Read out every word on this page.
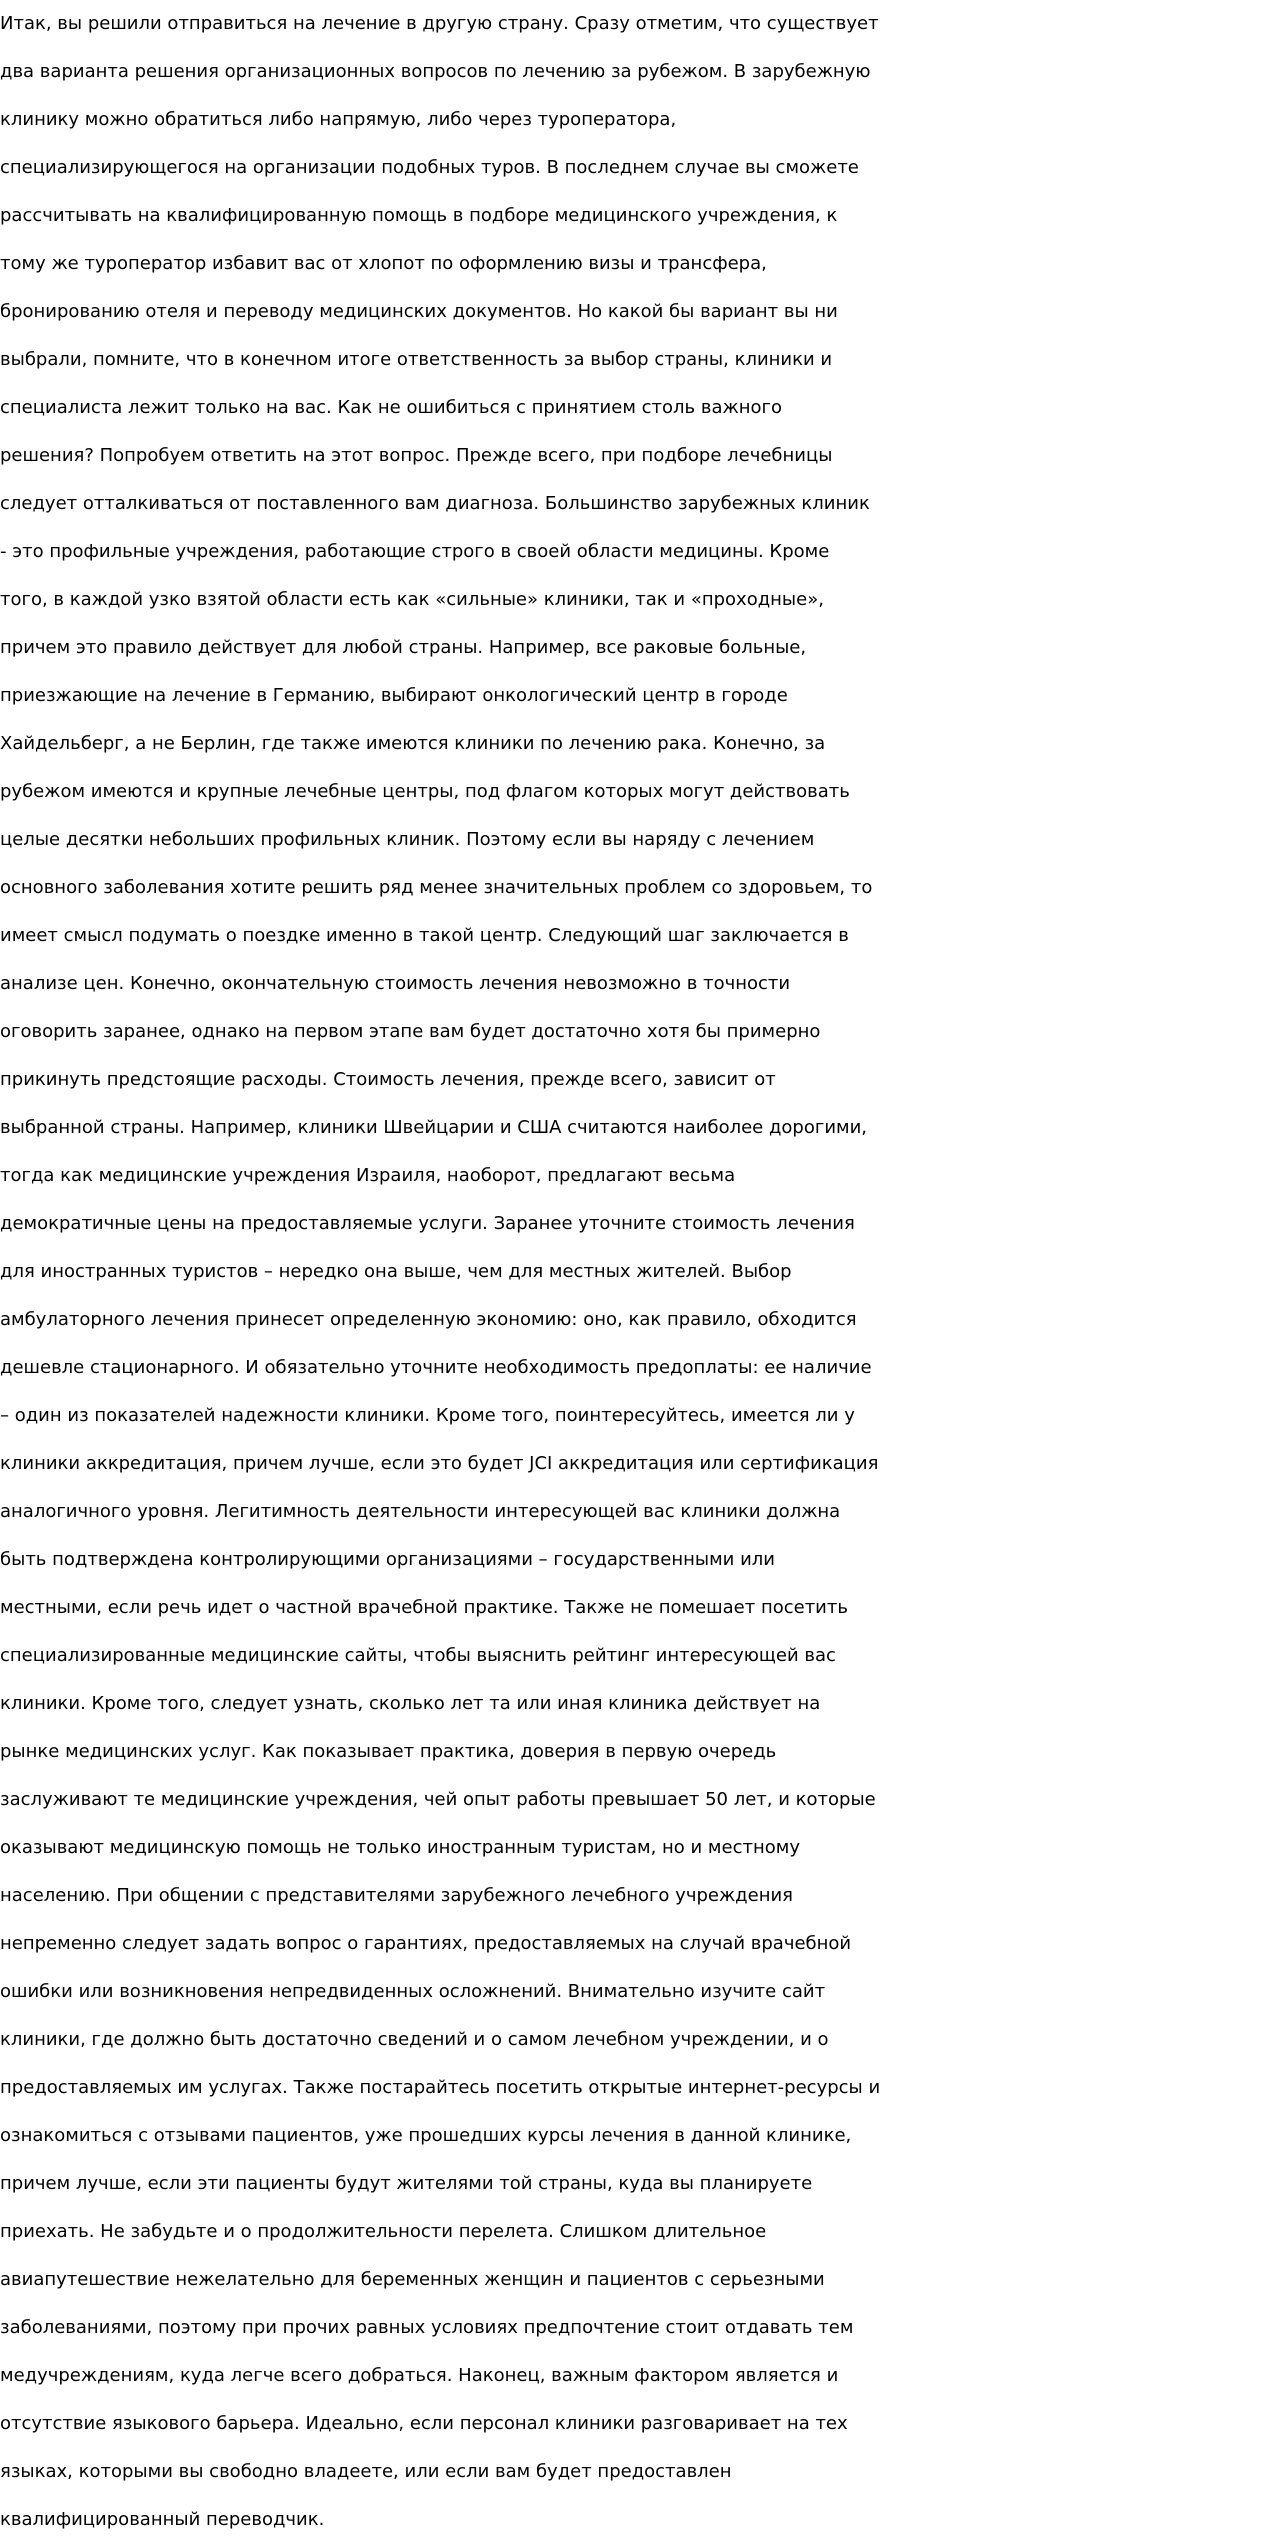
Итак, вы решили отправиться на лечение в другую страну. Сразу отметим, что существует
два варианта решения организационных вопросов по лечению за рубежом. В зарубежную
клинику можно обратиться либо напрямую, либо через туроператора,
специализирующегося на организации подобных туров. В последнем случае вы сможете
рассчитывать на квалифицированную помощь в подборе медицинского учреждения, к
тому же туроператор избавит вас от хлопот по оформлению визы и трансфера,
бронированию отеля и переводу медицинских документов. Но какой бы вариант вы ни
выбрали, помните, что в конечном итоге ответственность за выбор страны, клиники и
специалиста лежит только на вас. Как не ошибиться с принятием столь важного
решения? Попробуем ответить на этот вопрос. Прежде всего, при подборе лечебницы
следует отталкиваться от поставленного вам диагноза. Большинство зарубежных клиник
- это профильные учреждения, работающие строго в своей области медицины. Кроме
того, в каждой узко взятой области есть как «сильные» клиники, так и «проходные»,
причем это правило действует для любой страны. Например, все раковые больные,
приезжающие на лечение в Германию, выбирают онкологический центр в городе
Хайдельберг, а не Берлин, где также имеются клиники по лечению рака. Конечно, за
рубежом имеются и крупные лечебные центры, под флагом которых могут действовать
целые десятки небольших профильных клиник. Поэтому если вы наряду с лечением
основного заболевания хотите решить ряд менее значительных проблем со здоровьем, то
имеет смысл подумать о поездке именно в такой центр. Следующий шаг заключается в
анализе цен. Конечно, окончательную стоимость лечения невозможно в точности
оговорить заранее, однако на первом этапе вам будет достаточно хотя бы примерно
прикинуть предстоящие расходы. Стоимость лечения, прежде всего, зависит от
выбранной страны. Например, клиники Швейцарии и США считаются наиболее дорогими,
тогда как медицинские учреждения Израиля, наоборот, предлагают весьма
демократичные цены на предоставляемые услуги. Заранее уточните стоимость лечения
для иностранных туристов – нередко она выше, чем для местных жителей. Выбор
амбулаторного лечения принесет определенную экономию: оно, как правило, обходится
дешевле стационарного. И обязательно уточните необходимость предоплаты: ее наличие
– один из показателей надежности клиники. Кроме того, поинтересуйтесь, имеется ли у
клиники аккредитация, причем лучше, если это будет JCI аккредитация или сертификация
аналогичного уровня. Легитимность деятельности интересующей вас клиники должна
быть подтверждена контролирующими организациями – государственными или
местными, если речь идет о частной врачебной практике. Также не помешает посетить
специализированные медицинские сайты, чтобы выяснить рейтинг интересующей вас
клиники. Кроме того, следует узнать, сколько лет та или иная клиника действует на
рынке медицинских услуг. Как показывает практика, доверия в первую очередь
заслуживают те медицинские учреждения, чей опыт работы превышает 50 лет, и которые
оказывают медицинскую помощь не только иностранным туристам, но и местному
населению. При общении с представителями зарубежного лечебного учреждения
непременно следует задать вопрос о гарантиях, предоставляемых на случай врачебной
ошибки или возникновения непредвиденных осложнений. Внимательно изучите сайт
клиники, где должно быть достаточно сведений и о самом лечебном учреждении, и о
предоставляемых им услугах. Также постарайтесь посетить открытые интернет-ресурсы и
ознакомиться с отзывами пациентов, уже прошедших курсы лечения в данной клинике,
причем лучше, если эти пациенты будут жителями той страны, куда вы планируете
приехать. Не забудьте и о продолжительности перелета. Слишком длительное
авиапутешествие нежелательно для беременных женщин и пациентов с серьезными
заболеваниями, поэтому при прочих равных условиях предпочтение стоит отдавать тем
медучреждениям, куда легче всего добраться. Наконец, важным фактором является и
отсутствие языкового барьера. Идеально, если персонал клиники разговаривает на тех
языках, которыми вы свободно владеете, или если вам будет предоставлен
квалифицированный переводчик.
